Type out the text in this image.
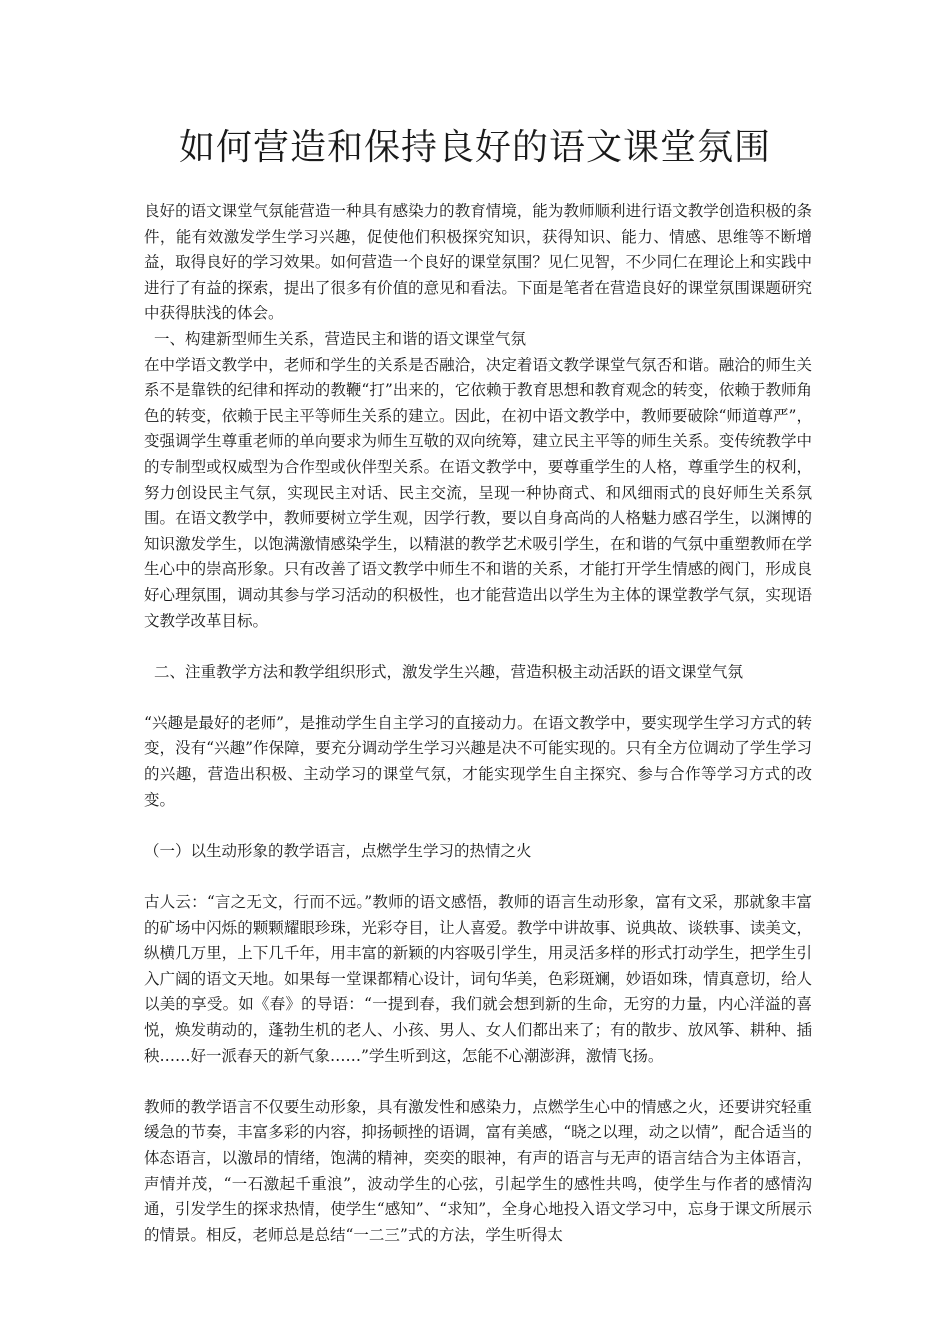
如何营造和保持良好的语文课堂氛围

良好的语文课堂气氛能营造一种具有感染力的教育情境，能为教师顺利进行语文教学创造积极的条件，能有效激发学生学习兴趣，促使他们积极探究知识，获得知识、能力、情感、思维等不断增益，取得良好的学习效果。如何营造一个良好的课堂氛围？见仁见智，不少同仁在理论上和实践中进行了有益的探索，提出了很多有价值的意见和看法。下面是笔者在营造良好的课堂氛围课题研究中获得肤浅的体会。

一、构建新型师生关系，营造民主和谐的语文课堂气氛

在中学语文教学中，老师和学生的关系是否融洽，决定着语文教学课堂气氛否和谐。融洽的师生关系不是靠铁的纪律和挥动的教鞭“打”出来的，它依赖于教育思想和教育观念的转变，依赖于教师角色的转变，依赖于民主平等师生关系的建立。因此，在初中语文教学中，教师要破除“师道尊严”，变强调学生尊重老师的单向要求为师生互敬的双向统筹，建立民主平等的师生关系。变传统教学中的专制型或权威型为合作型或伙伴型关系。在语文教学中，要尊重学生的人格，尊重学生的权利，努力创设民主气氛，实现民主对话、民主交流，呈现一种协商式、和风细雨式的良好师生关系氛围。在语文教学中，教师要树立学生观，因学行教，要以自身高尚的人格魅力感召学生，以渊博的知识激发学生，以饱满激情感染学生，以精湛的教学艺术吸引学生，在和谐的气氛中重塑教师在学生心中的崇高形象。只有改善了语文教学中师生不和谐的关系，才能打开学生情感的阀门，形成良好心理氛围，调动其参与学习活动的积极性，也才能营造出以学生为主体的课堂教学气氛，实现语文教学改革目标。

二、注重教学方法和教学组织形式，激发学生兴趣，营造积极主动活跃的语文课堂气氛

“兴趣是最好的老师”，是推动学生自主学习的直接动力。在语文教学中，要实现学生学习方式的转变，没有“兴趣”作保障，要充分调动学生学习兴趣是决不可能实现的。只有全方位调动了学生学习的兴趣，营造出积极、主动学习的课堂气氛，才能实现学生自主探究、参与合作等学习方式的改变。

（一）以生动形象的教学语言，点燃学生学习的热情之火

古人云：“言之无文，行而不远。”教师的语文感悟，教师的语言生动形象，富有文采，那就象丰富的矿场中闪烁的颗颗耀眼珍珠，光彩夺目，让人喜爱。教学中讲故事、说典故、谈轶事、读美文，纵横几万里，上下几千年，用丰富的新颖的内容吸引学生，用灵活多样的形式打动学生，把学生引入广阔的语文天地。如果每一堂课都精心设计，词句华美，色彩斑斓，妙语如珠，情真意切，给人以美的享受。如《春》的导语：“一提到春，我们就会想到新的生命，无穷的力量，内心洋溢的喜悦，焕发萌动的，蓬勃生机的老人、小孩、男人、女人们都出来了；有的散步、放风筝、耕种、插秧……好一派春天的新气象……”学生听到这，怎能不心潮澎湃，激情飞扬。

教师的教学语言不仅要生动形象，具有激发性和感染力，点燃学生心中的情感之火，还要讲究轻重缓急的节奏，丰富多彩的内容，抑扬顿挫的语调，富有美感，“晓之以理，动之以情”，配合适当的体态语言，以激昂的情绪，饱满的精神，奕奕的眼神，有声的语言与无声的语言结合为主体语言，声情并茂，“一石激起千重浪”，波动学生的心弦，引起学生的感性共鸣，使学生与作者的感情沟通，引发学生的探求热情，使学生“感知”、“求知”，全身心地投入语文学习中，忘身于课文所展示的情景。相反，老师总是总结“一二三”式的方法，学生听得太
